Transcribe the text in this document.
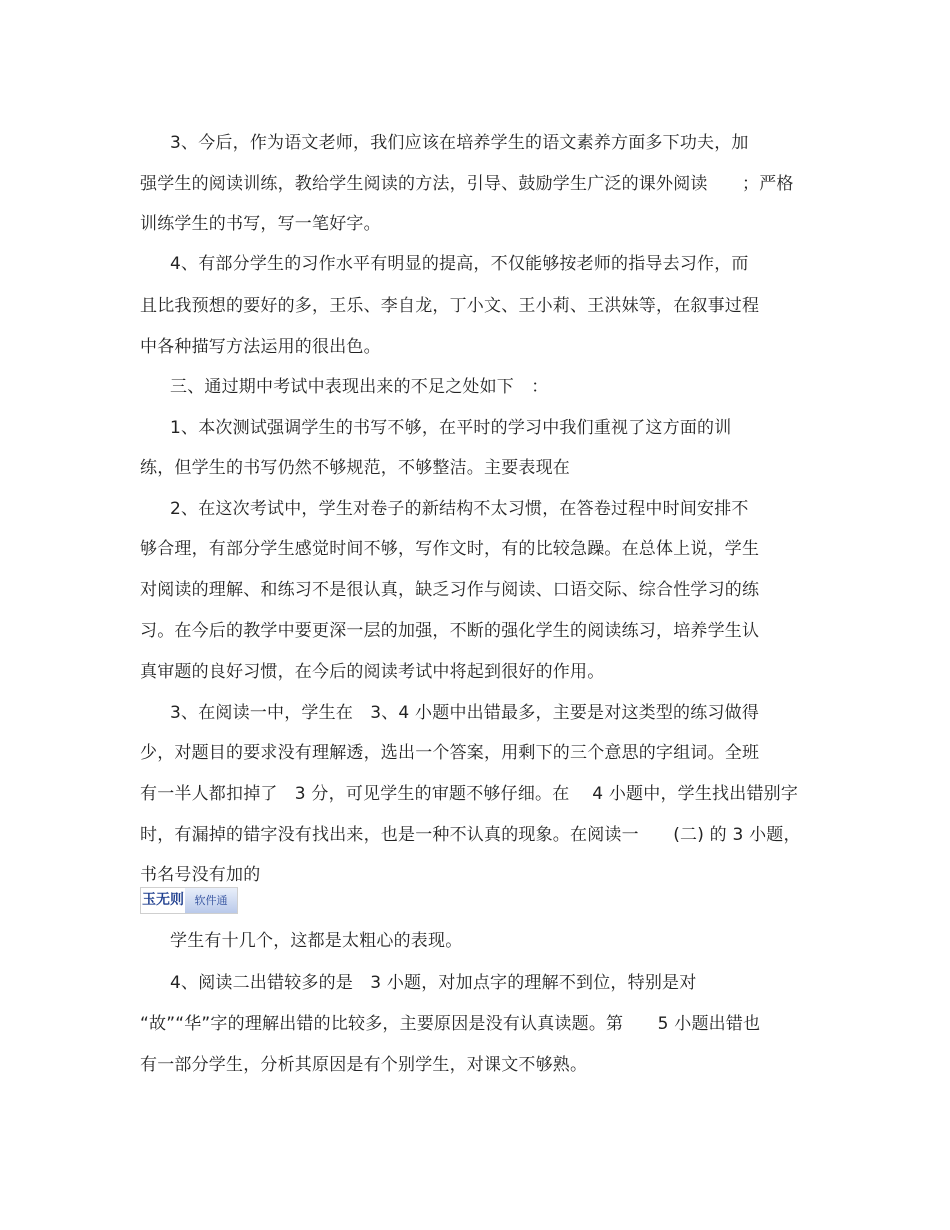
3、今后，作为语文老师，我们应该在培养学生的语文素养方面多下功夫，加
强学生的阅读训练，教给学生阅读的方法，引导、鼓励学生广泛的课外阅读　　；严格
训练学生的书写，写一笔好字。
4、有部分学生的习作水平有明显的提高，不仅能够按老师的指导去习作，而
且比我预想的要好的多，王乐、李自龙，丁小文、王小莉、王洪妹等，在叙事过程
中各种描写方法运用的很出色。
三、通过期中考试中表现出来的不足之处如下　：
1、本次测试强调学生的书写不够，在平时的学习中我们重视了这方面的训
练，但学生的书写仍然不够规范，不够整洁。主要表现在
2、在这次考试中，学生对卷子的新结构不太习惯，在答卷过程中时间安排不
够合理，有部分学生感觉时间不够，写作文时，有的比较急躁。在总体上说，学生
对阅读的理解、和练习不是很认真，缺乏习作与阅读、口语交际、综合性学习的练
习。在今后的教学中要更深一层的加强，不断的强化学生的阅读练习，培养学生认
真审题的良好习惯，在今后的阅读考试中将起到很好的作用。
3、在阅读一中，学生在　3、4 小题中出错最多，主要是对这类型的练习做得
少，对题目的要求没有理解透，选出一个答案，用剩下的三个意思的字组词。全班
有一半人都扣掉了　3 分，可见学生的审题不够仔细。在　 4 小题中，学生找出错别字
时，有漏掉的错字没有找出来，也是一种不认真的现象。在阅读一　　(二) 的 3 小题，
书名号没有加的
玉无则 软件通
学生有十几个，这都是太粗心的表现。
4、阅读二出错较多的是　3 小题，对加点字的理解不到位，特别是对
“故”“华”字的理解出错的比较多，主要原因是没有认真读题。第　　5 小题出错也
有一部分学生，分析其原因是有个别学生，对课文不够熟。
